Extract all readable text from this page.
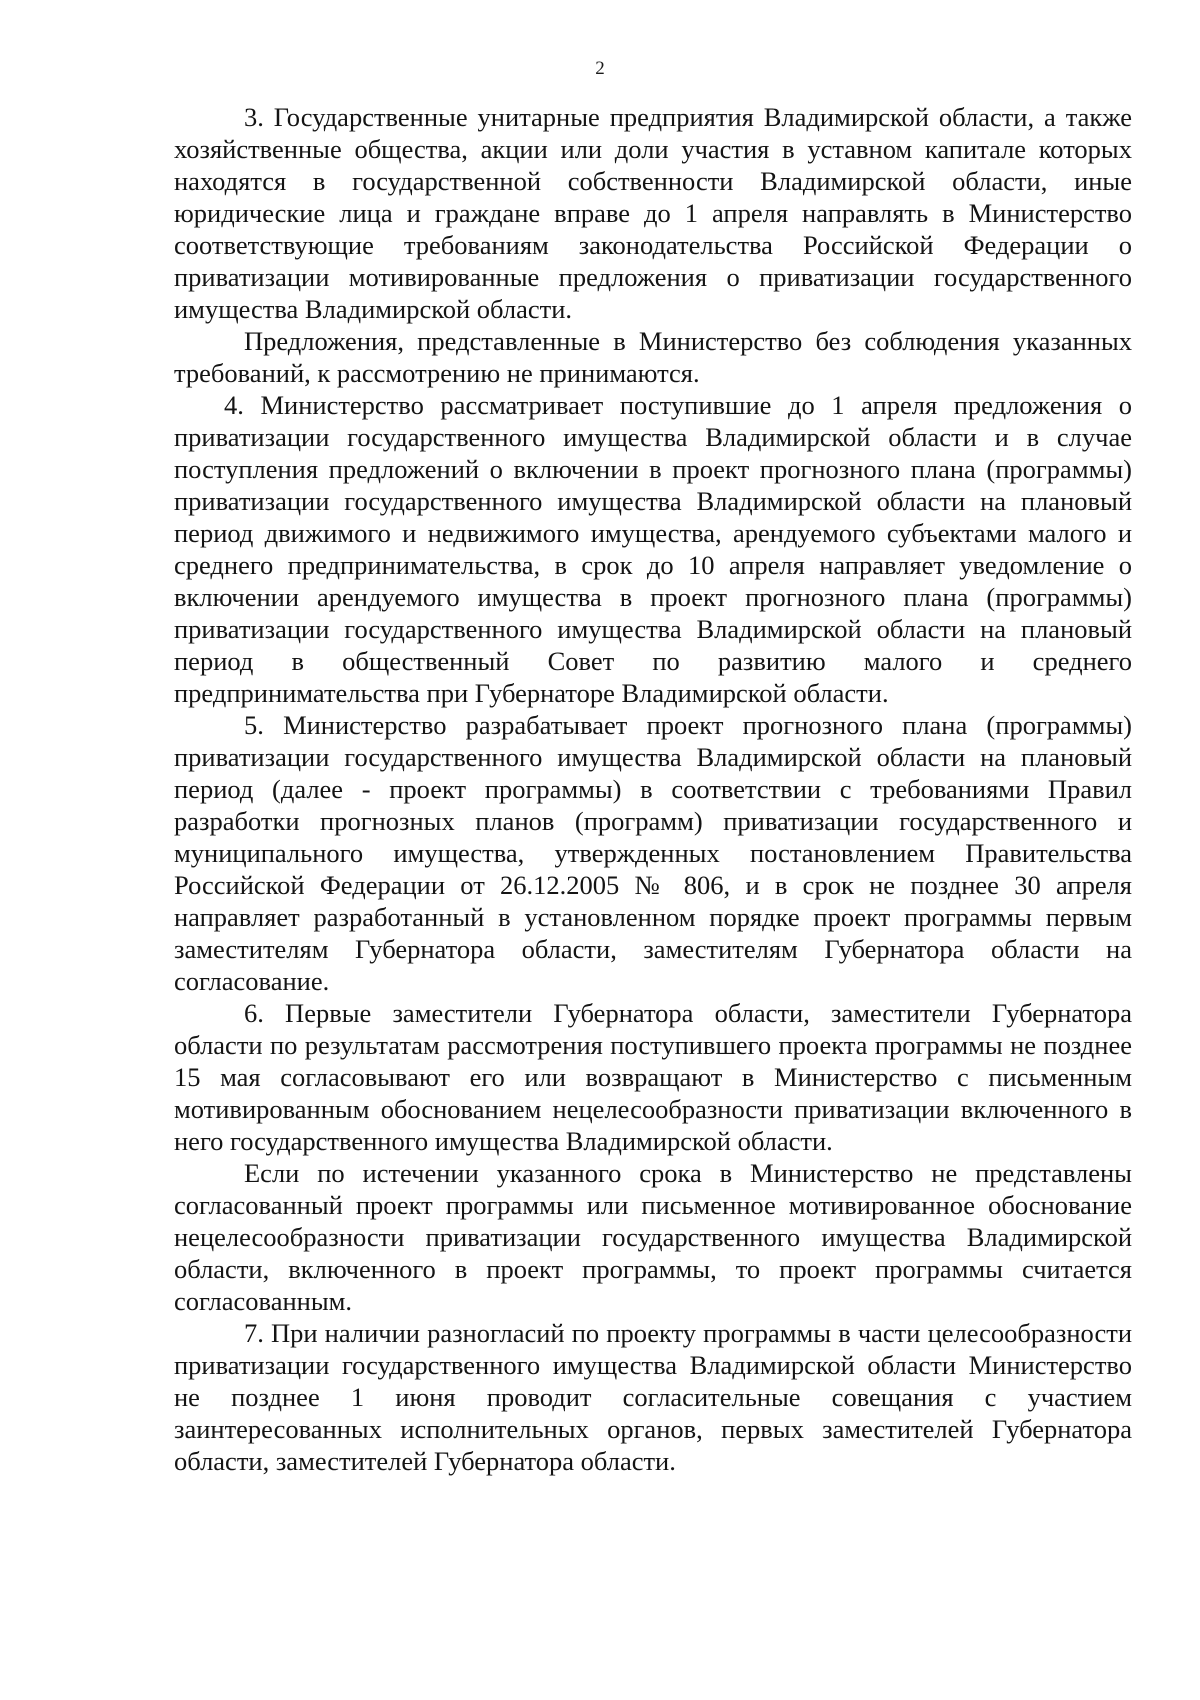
2

3. Государственные унитарные предприятия Владимирской области, а также хозяйственные общества, акции или доли участия в уставном капитале которых находятся в государственной собственности Владимирской области, иные юридические лица и граждане вправе до 1 апреля направлять в Министерство соответствующие требованиям законодательства Российской Федерации о приватизации мотивированные предложения о приватизации государственного имущества Владимирской области.

Предложения, представленные в Министерство без соблюдения указанных требований, к рассмотрению не принимаются.

4. Министерство рассматривает поступившие до 1 апреля предложения о приватизации государственного имущества Владимирской области и в случае поступления предложений о включении в проект прогнозного плана (программы) приватизации государственного имущества Владимирской области на плановый период движимого и недвижимого имущества, арендуемого субъектами малого и среднего предпринимательства, в срок до 10 апреля направляет уведомление о включении арендуемого имущества в проект прогнозного плана (программы) приватизации государственного имущества Владимирской области на плановый период в общественный Совет по развитию малого и среднего предпринимательства при Губернаторе Владимирской области.

5. Министерство разрабатывает проект прогнозного плана (программы) приватизации государственного имущества Владимирской области на плановый период (далее - проект программы) в соответствии с требованиями Правил разработки прогнозных планов (программ) приватизации государственного и муниципального имущества, утвержденных постановлением Правительства Российской Федерации от 26.12.2005 № 806, и в срок не позднее 30 апреля направляет разработанный в установленном порядке проект программы первым заместителям Губернатора области, заместителям Губернатора области на согласование.

6. Первые заместители Губернатора области, заместители Губернатора области по результатам рассмотрения поступившего проекта программы не позднее 15 мая согласовывают его или возвращают в Министерство с письменным мотивированным обоснованием нецелесообразности приватизации включенного в него государственного имущества Владимирской области.

Если по истечении указанного срока в Министерство не представлены согласованный проект программы или письменное мотивированное обоснование нецелесообразности приватизации государственного имущества Владимирской области, включенного в проект программы, то проект программы считается согласованным.

7. При наличии разногласий по проекту программы в части целесообразности приватизации государственного имущества Владимирской области Министерство не позднее 1 июня проводит согласительные совещания с участием заинтересованных исполнительных органов, первых заместителей Губернатора области, заместителей Губернатора области.
